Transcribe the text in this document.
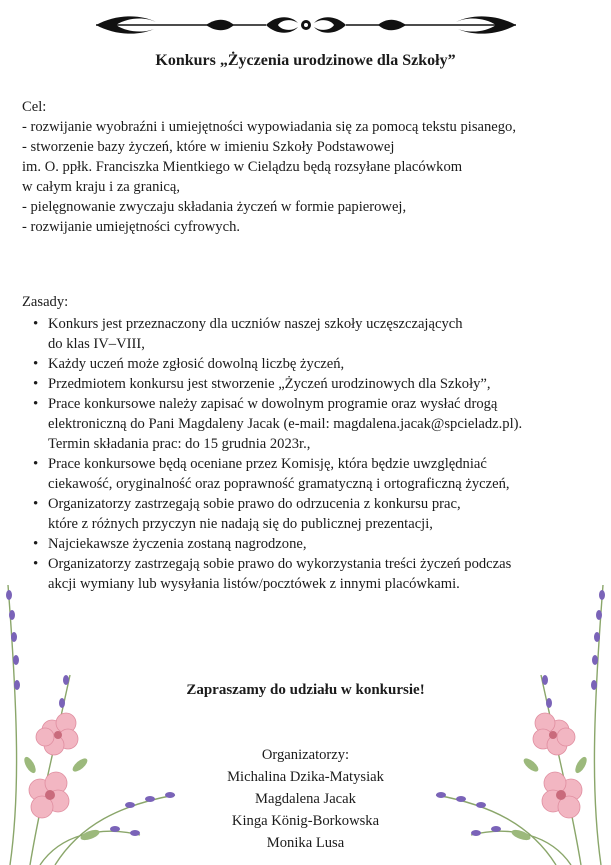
Konkurs „Życzenia urodzinowe dla Szkoły”
Cel:
- rozwijanie wyobraźni i umiejętności wypowiadania się za pomocą tekstu pisanego,
- stworzenie bazy życzeń, które w imieniu Szkoły Podstawowej
im. O. ppłk. Franciszka Mientkiego w Cielądzu będą rozsyłane placówkom
w całym kraju i za granicą,
- pielęgnowanie zwyczaju składania życzeń w formie papierowej,
- rozwijanie umiejętności cyfrowych.
Zasady:
• Konkurs jest przeznaczony dla uczniów naszej szkoły uczęszczających
do klas IV–VIII,
• Każdy uczeń może zgłosić dowolną liczbę życzeń,
• Przedmiotem konkursu jest stworzenie „Życzeń urodzinowych dla Szkoły”,
• Prace konkursowe należy zapisać w dowolnym programie oraz wysłać drogą
elektroniczną do Pani Magdaleny Jacak (e-mail: magdalena.jacak@spcieladz.pl).
Termin składania prac: do 15 grudnia 2023r.,
• Prace konkursowe będą oceniane przez Komisję, która będzie uwzględniać
ciekawość, oryginalność oraz poprawność gramatyczną i ortograficzną życzeń,
• Organizatorzy zastrzegają sobie prawo do odrzucenia z konkursu prac,
które z różnych przyczyn nie nadają się do publicznej prezentacji,
• Najciekawsze życzenia zostaną nagrodzone,
• Organizatorzy zastrzegają sobie prawo do wykorzystania treści życzeń podczas
akcji wymiany lub wysyłania listów/pocztówek z innymi placówkami.
Zapraszamy do udziału w konkursie!
Organizatorzy:
Michalina Dzika-Matysiak
Magdalena Jacak
Kinga König-Borkowska
Monika Lusa
